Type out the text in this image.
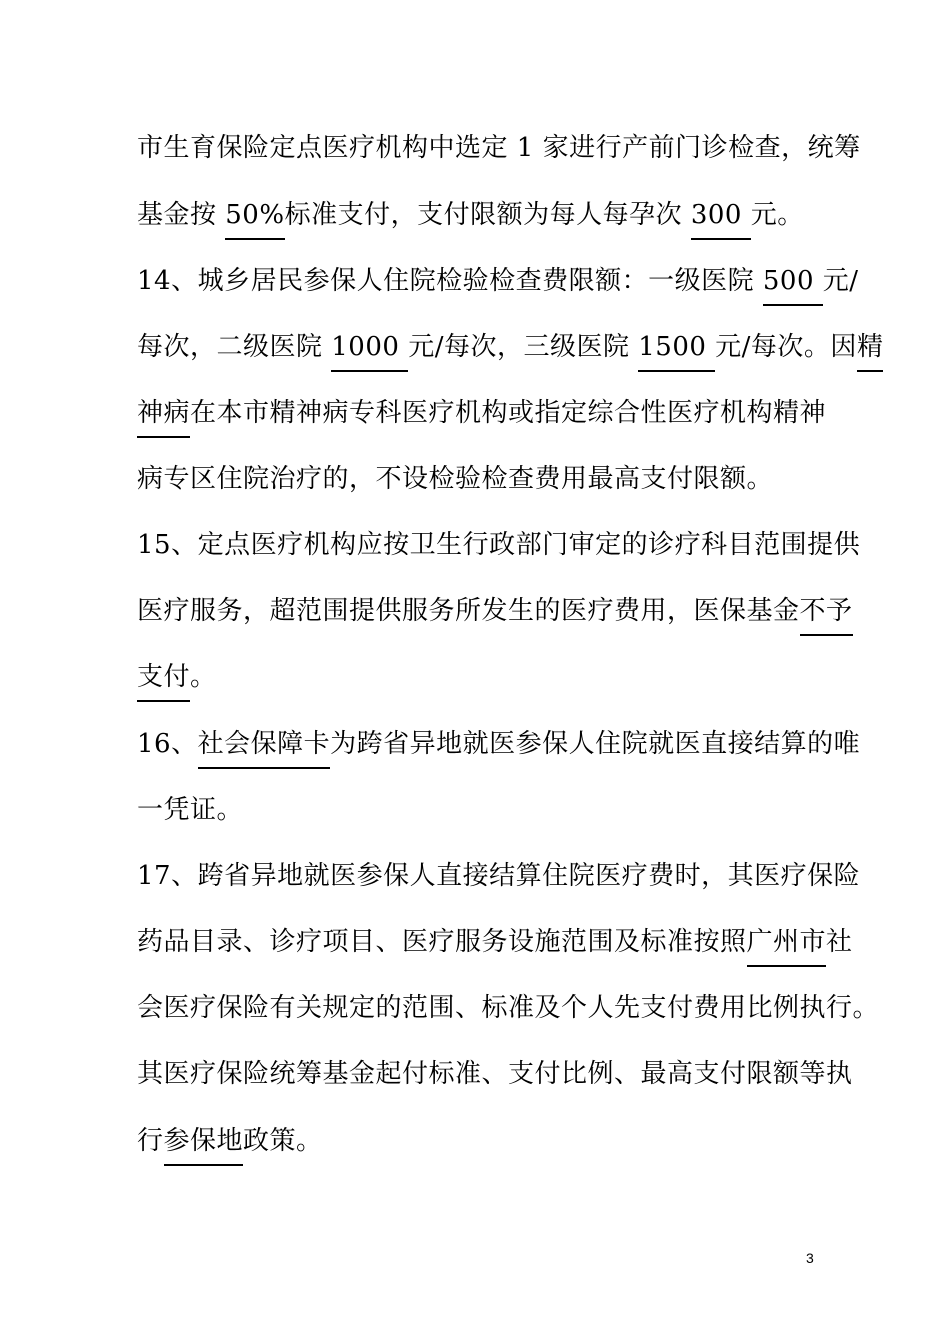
市生育保险定点医疗机构中选定 1 家进行产前门诊检查，统筹
基金按 50%标准支付，支付限额为每人每孕次 300 元。
14、城乡居民参保人住院检验检查费限额：一级医院 500 元/
每次，二级医院 1000 元/每次，三级医院 1500 元/每次。因精
神病在本市精神病专科医疗机构或指定综合性医疗机构精神
病专区住院治疗的，不设检验检查费用最高支付限额。
15、定点医疗机构应按卫生行政部门审定的诊疗科目范围提供
医疗服务，超范围提供服务所发生的医疗费用，医保基金不予
支付。
16、社会保障卡为跨省异地就医参保人住院就医直接结算的唯
一凭证。
17、跨省异地就医参保人直接结算住院医疗费时，其医疗保险
药品目录、诊疗项目、医疗服务设施范围及标准按照广州市社
会医疗保险有关规定的范围、标准及个人先支付费用比例执行。
其医疗保险统筹基金起付标准、支付比例、最高支付限额等执
行参保地政策。
3
